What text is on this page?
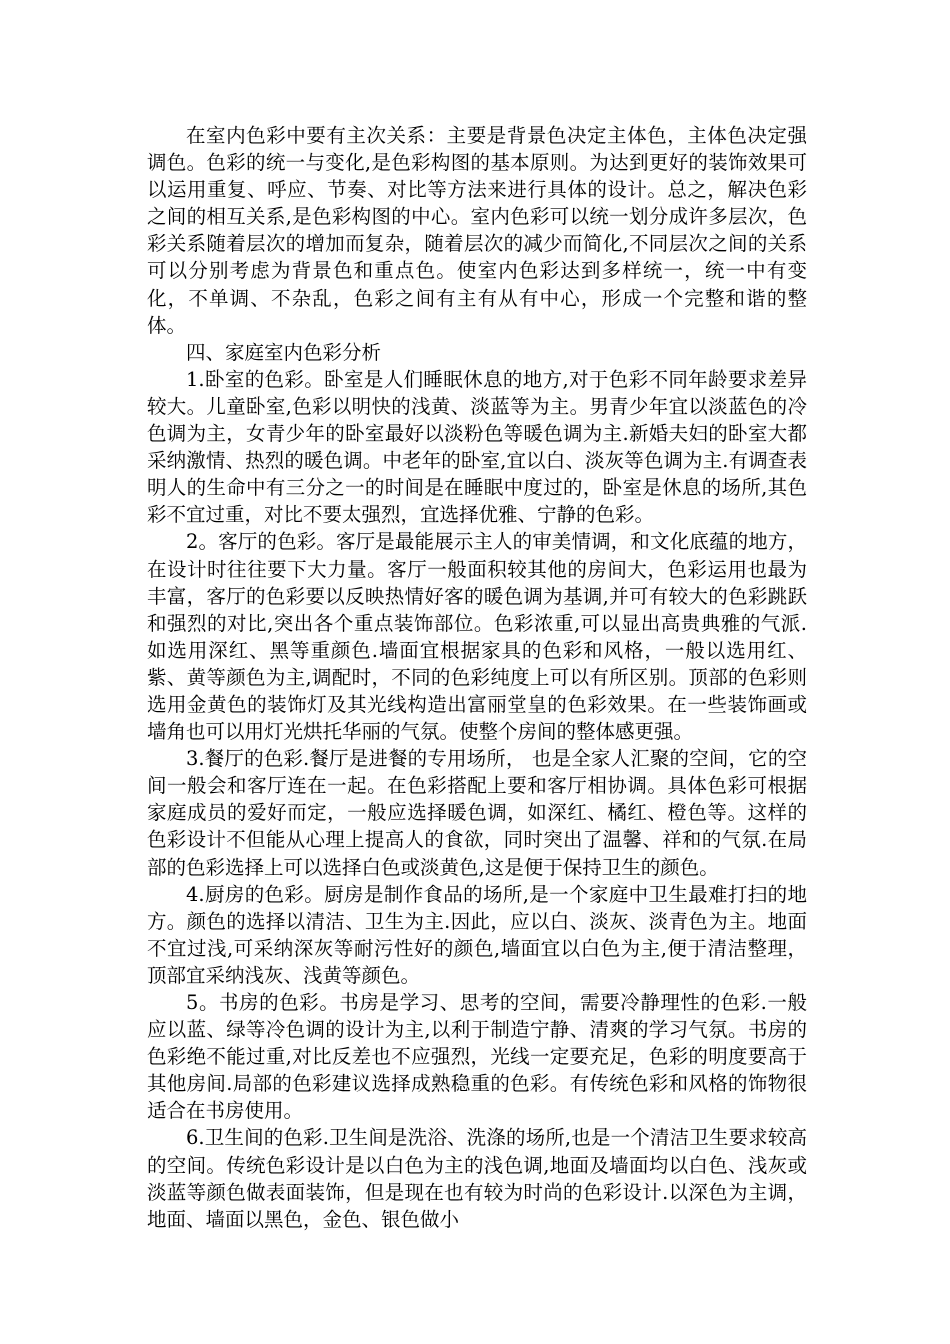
在室内色彩中要有主次关系：主要是背景色决定主体色，主体色决定强调色。色彩的统一与变化,是色彩构图的基本原则。为达到更好的装饰效果可以运用重复、呼应、节奏、对比等方法来进行具体的设计。总之，解决色彩之间的相互关系,是色彩构图的中心。室内色彩可以统一划分成许多层次，色彩关系随着层次的增加而复杂，随着层次的减少而简化,不同层次之间的关系可以分别考虑为背景色和重点色。使室内色彩达到多样统一，统一中有变化，不单调、不杂乱，色彩之间有主有从有中心，形成一个完整和谐的整体。

四、家庭室内色彩分析

1.卧室的色彩。卧室是人们睡眠休息的地方,对于色彩不同年龄要求差异较大。儿童卧室,色彩以明快的浅黄、淡蓝等为主。男青少年宜以淡蓝色的冷色调为主，女青少年的卧室最好以淡粉色等暖色调为主.新婚夫妇的卧室大都采纳激情、热烈的暖色调。中老年的卧室,宜以白、淡灰等色调为主.有调查表明人的生命中有三分之一的时间是在睡眠中度过的，卧室是休息的场所,其色彩不宜过重，对比不要太强烈，宜选择优雅、宁静的色彩。

2。客厅的色彩。客厅是最能展示主人的审美情调，和文化底蕴的地方，在设计时往往要下大力量。客厅一般面积较其他的房间大，色彩运用也最为丰富，客厅的色彩要以反映热情好客的暖色调为基调,并可有较大的色彩跳跃和强烈的对比,突出各个重点装饰部位。色彩浓重,可以显出高贵典雅的气派.如选用深红、黑等重颜色.墙面宜根据家具的色彩和风格，一般以选用红、紫、黄等颜色为主,调配时，不同的色彩纯度上可以有所区别。顶部的色彩则选用金黄色的装饰灯及其光线构造出富丽堂皇的色彩效果。在一些装饰画或墙角也可以用灯光烘托华丽的气氛。使整个房间的整体感更强。

3.餐厅的色彩.餐厅是进餐的专用场所， 也是全家人汇聚的空间，它的空间一般会和客厅连在一起。在色彩搭配上要和客厅相协调。具体色彩可根据家庭成员的爱好而定，一般应选择暖色调，如深红、橘红、橙色等。这样的色彩设计不但能从心理上提高人的食欲，同时突出了温馨、祥和的气氛.在局部的色彩选择上可以选择白色或淡黄色,这是便于保持卫生的颜色。

4.厨房的色彩。厨房是制作食品的场所,是一个家庭中卫生最难打扫的地方。颜色的选择以清洁、卫生为主.因此，应以白、淡灰、淡青色为主。地面不宜过浅,可采纳深灰等耐污性好的颜色,墙面宜以白色为主,便于清洁整理，顶部宜采纳浅灰、浅黄等颜色。

5。书房的色彩。书房是学习、思考的空间，需要冷静理性的色彩.一般应以蓝、绿等冷色调的设计为主,以利于制造宁静、清爽的学习气氛。书房的色彩绝不能过重,对比反差也不应强烈，光线一定要充足，色彩的明度要高于其他房间.局部的色彩建议选择成熟稳重的色彩。有传统色彩和风格的饰物很适合在书房使用。

6.卫生间的色彩.卫生间是洗浴、洗涤的场所,也是一个清洁卫生要求较高的空间。传统色彩设计是以白色为主的浅色调,地面及墙面均以白色、浅灰或淡蓝等颜色做表面装饰，但是现在也有较为时尚的色彩设计.以深色为主调，地面、墙面以黑色，金色、银色做小
